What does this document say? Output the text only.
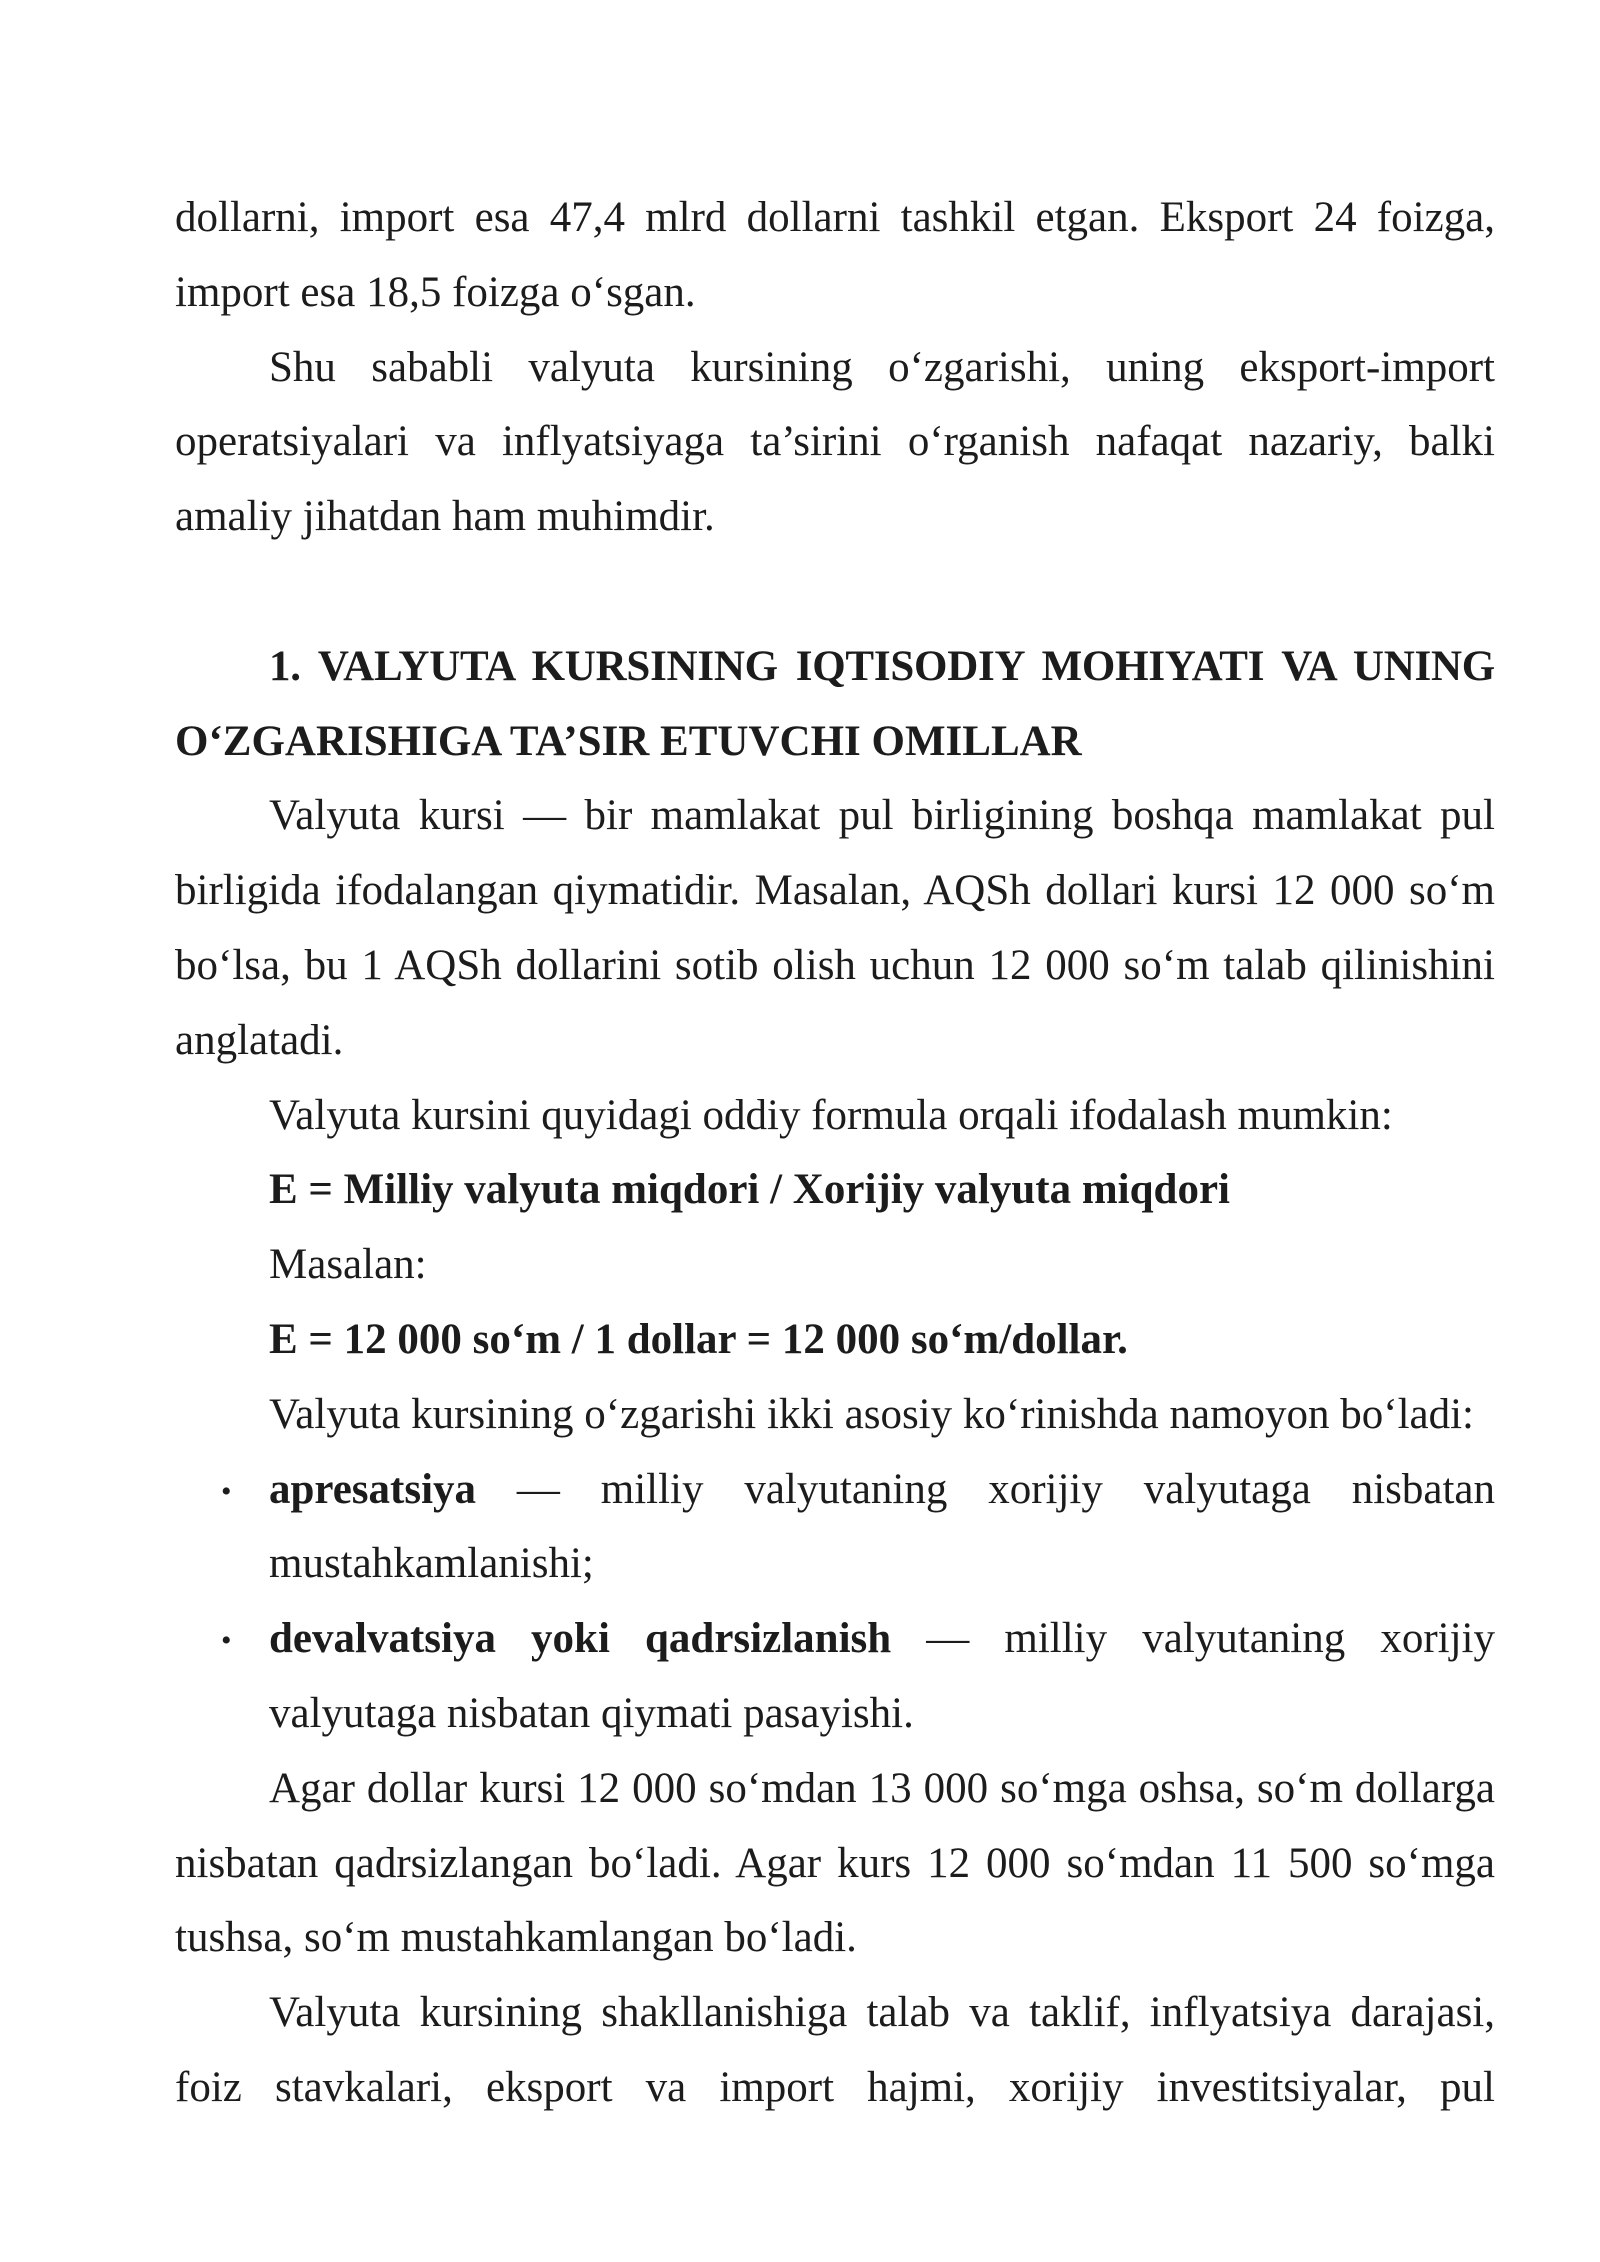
dollarni, import esa 47,4 mlrd dollarni tashkil etgan. Eksport 24 foizga,
import esa 18,5 foizga o‘sgan.
Shu sababli valyuta kursining o‘zgarishi, uning eksport-import
operatsiyalari va inflyatsiyaga ta’sirini o‘rganish nafaqat nazariy, balki
amaliy jihatdan ham muhimdir.
1. VALYUTA KURSINING IQTISODIY MOHIYATI VA UNING
O‘ZGARISHIGA TA’SIR ETUVCHI OMILLAR
Valyuta kursi — bir mamlakat pul birligining boshqa mamlakat pul
birligida ifodalangan qiymatidir. Masalan, AQSh dollari kursi 12 000 so‘m
bo‘lsa, bu 1 AQSh dollarini sotib olish uchun 12 000 so‘m talab qilinishini
anglatadi.
Valyuta kursini quyidagi oddiy formula orqali ifodalash mumkin:
E = Milliy valyuta miqdori / Xorijiy valyuta miqdori
Masalan:
E = 12 000 so‘m / 1 dollar = 12 000 so‘m/dollar.
Valyuta kursining o‘zgarishi ikki asosiy ko‘rinishda namoyon bo‘ladi:
• apresatsiya — milliy valyutaning xorijiy valyutaga nisbatan
mustahkamlanishi;
• devalvatsiya yoki qadrsizlanish — milliy valyutaning xorijiy
valyutaga nisbatan qiymati pasayishi.
Agar dollar kursi 12 000 so‘mdan 13 000 so‘mga oshsa, so‘m dollarga
nisbatan qadrsizlangan bo‘ladi. Agar kurs 12 000 so‘mdan 11 500 so‘mga
tushsa, so‘m mustahkamlangan bo‘ladi.
Valyuta kursining shakllanishiga talab va taklif, inflyatsiya darajasi,
foiz stavkalari, eksport va import hajmi, xorijiy investitsiyalar, pul
